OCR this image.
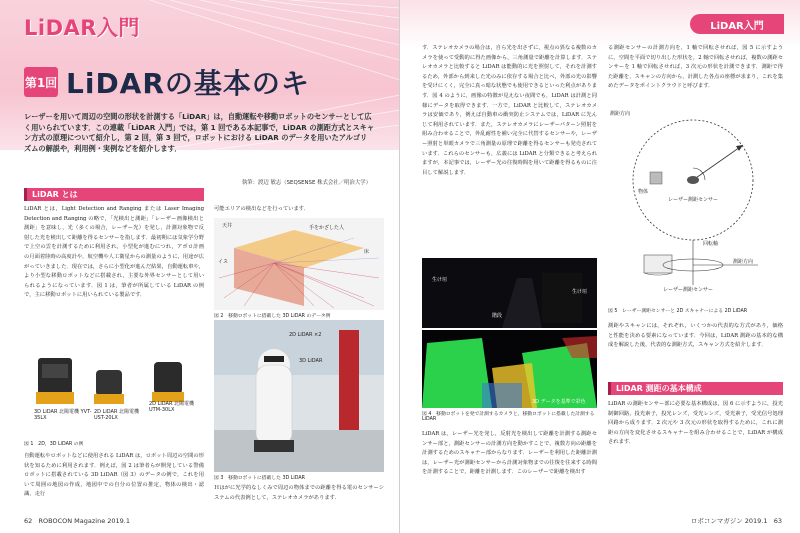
LiDAR入門
第1回 LiDARの基本のキ
レーザーを用いて周辺の空間の形状を計測する「LiDAR」は，自動運転や移動ロボットのセンサーとして広く用いられています．この連載「LiDAR 入門」では，第 1 回である本記事で，LiDAR の測距方式とスキャン方式の原理について紹介し，第 2 回，第 3 回で，ロボットにおける LiDAR のデータを用いたアルゴリズムの解説や，利用例・実例などを紹介します．
執筆：渡辺 敏志（SEQSENSE 株式会社／明治大学）
LiDAR とは
LiDAR とは，Light Detection and Ranging または Laser Imaging Detection and Ranging の略で，「光検出と測距」「レーザー画像検出と測距」を意味し，光（多くの場合，レーザー光）を発し，計測対象物で反射した光を検出して距離を得るセンサーを指します．最初期には気象学分野で上空の雲を計測するために利用され，小型化が進むにつれ，アポロ計画の月面着陸時の高度計や，航空機や人工衛星からの測量のように，用途が広がっていきました．現在では，さらに小型化が進んだ結果，自動運転車や，より小型な移動ロボットなどに搭載され，主要な外界センサーとして用いられるようになっています．図 1 は，筆者が所属している LiDAR の例で，主に移動ロボットに用いられている製品です．
3D LiDAR 北陽電機 YVT-35LX
2D LiDAR 北陽電機 UST-20LX
2D LiDAR 北陽電機 UTM-30LX
図 1　2D，3D LiDAR の例
自動運転やロボットなどに使用される LiDAR は，ロボット周辺の空間の形状を知るために利用されます．例えば，図 2 は筆者らが開発している警備ロボットに搭載されている 3D LiDAR（図 3）のデータの例で，これを用いて周囲の地図の作成，地図中での自分の位置の推定，物体の検出・認識，走行
可能エリアの検出などを行っています．
天井	手をかざした人
床
イス
図 2　移動ロボットに搭載した 3D LiDAR のデータ例
2D LiDAR ×2
3D LiDAR
図 3　移動ロボットに搭載した 3D LiDAR
Ｈはがに光学的なしくみで周辺の物体までの距離を得る電のセンサーシステムの代表例として，ステレオカメラがあります．
62 ROBOCON Magazine 2019.1
LiDAR入門
す．ステレオカメラの場合は，自ら光を出さずに，視点の異なる複数のカメラを使って受動的に得た画像から，三角測量で距離を計算します．ステレオカメラと比較すると LiDAR は能動的に光を照射して，それを計測するため，外部から到来した光のみに依存する場合と比べ，外部の光の影響を受けにくく，完全に真っ暗な状態でも使用できるといった利点があります．図 4 のように，画像の特徴が見えない夜間でも，LiDAR は計測と同様にデータを取得できます．一方で，LiDAR と比較して，ステレオカメラは安価であり，例えば自動車の衝突防止システムでは，LiDAR に先んじて利用されています．また，ステレオカメラにレーザーパターン照射を組み合わせることで，外乱耐性を補い完全に代替するセンサーや，レーザー照射と単眼カメラで三角測量の原理で距離を得るセンサーも発売されています．これらのセンサーも，広義には LiDAR と分類できると考えられますが，本記事では，レーザー光の往復時間を用いて距離を得るものに注目して解説します．
生け垣
階段
生け垣
3D データを基準で彩色
図 4　移動ロボットを発で計測するカメラと，移動ロボットに搭載した計測する LiDAR
LiDAR は，レーザー光を発し，反射光を検出して距離を計測する測距センサー部と，測距センサーの計測方向を動かすことで，複数方向の距離を計測するためのスキャナー部からなります．レーザーを利用した距離計測は，レーザー光が測距センサーから計測対象物までの往復を往来する時間を計測することで，距離を計測します．このレーザーで距離を検出す
る測距センサーの計測方向を，1 軸で回転させれば，図 5 に示すように，空間を平面で切り出した形状を，2 軸で回転させれば，複数の測距センサーを 1 軸で回転させれば，3 次元の形状を計測できます．測距で得た距離を，スキャンの方向から，計測した各点の座標が求まり，これを集めたデータをポイントクラウドと呼びます．
測距方向
物体
レーザー測距センサー
回転軸
測距方向
レーザー測距センサー
図 5　レーザー測距センサーと 2D スキャナーによる 2D LiDAR
測距やスキャンには，それぞれ，いくつかの代表的な方式があり，価格と性能を決める要素になっています．今回は，LiDAR 測距の基本的な構成を解説した後，代表的な測距方式，スキャン方式を紹介します．
LiDAR 測距の基本構成
LiDAR の測距センサー部に必要な基本構成は，図 6 に示すように，投光制御回路，投光素子，投光レンズ，受光レンズ，受光素子，受光信号処理回路から成ります．2 次元や 3 次元の形状を取得するために，これに測距の方向を変化させるスキャナーを組み合わせることで，LiDAR が構成されます．
ロボコンマガジン 2019.1 63
